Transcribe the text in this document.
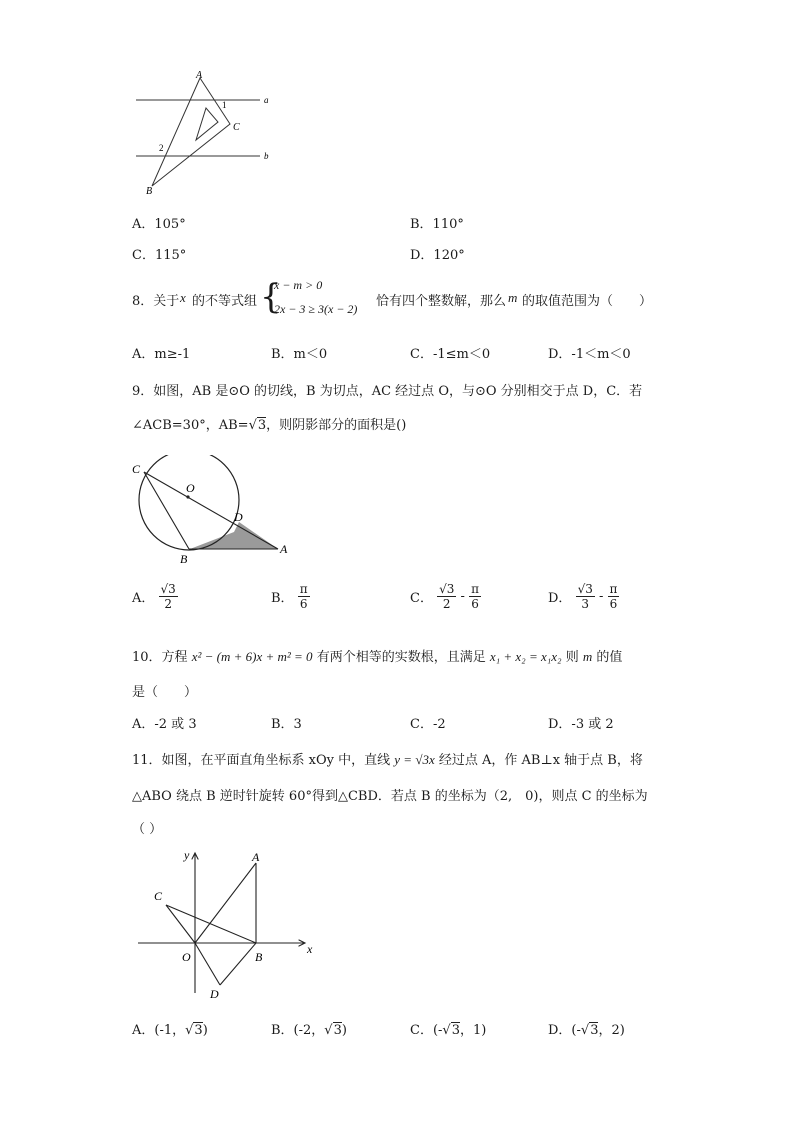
A
1	a
C
2
b
B
A．105°	B．110°
C．115°	D．120°
8．关于 x 的不等式组 {
x − m > 0
2x − 3 ≥ 3(x − 2) 恰有四个整数解，那么 m 的取值范围为（　　）
A．m≥-1	B．m＜0	C．-1≤m＜0	D．-1＜m＜0
9．如图，AB 是⊙O 的切线，B 为切点，AC 经过点 O，与⊙O 分别相交于点 D，C．若
∠ACB=30°，AB=√3，则阴影部分的面积是()
C
O
D
B
A
A． $\frac{√3}{2}$	B． $\frac{\pi}{6}$	C． $\frac{√3}{2} - \frac{\pi}{6}$	D． $\frac{√3}{3} - \frac{\pi}{6}$
10．方程 x² − (m + 6)x + m² = 0 有两个相等的实数根，且满足 x₁ + x₂ = x₁x₂ 则 m 的值
是（　　）
A．-2 或 3	B．3	C．-2	D．-3 或 2
11．如图，在平面直角坐标系 xOy 中，直线 y = √3x 经过点 A，作 AB⊥x 轴于点 B，将
△ABO 绕点 B 逆时针旋转 60°得到△CBD．若点 B 的坐标为（2,　0)，则点 C 的坐标为
（ ）
y	A
C
x
O	B
D
A．(-1，√3)	B．(-2，√3)	C．(-√3，1)	D．(-√3，2)
